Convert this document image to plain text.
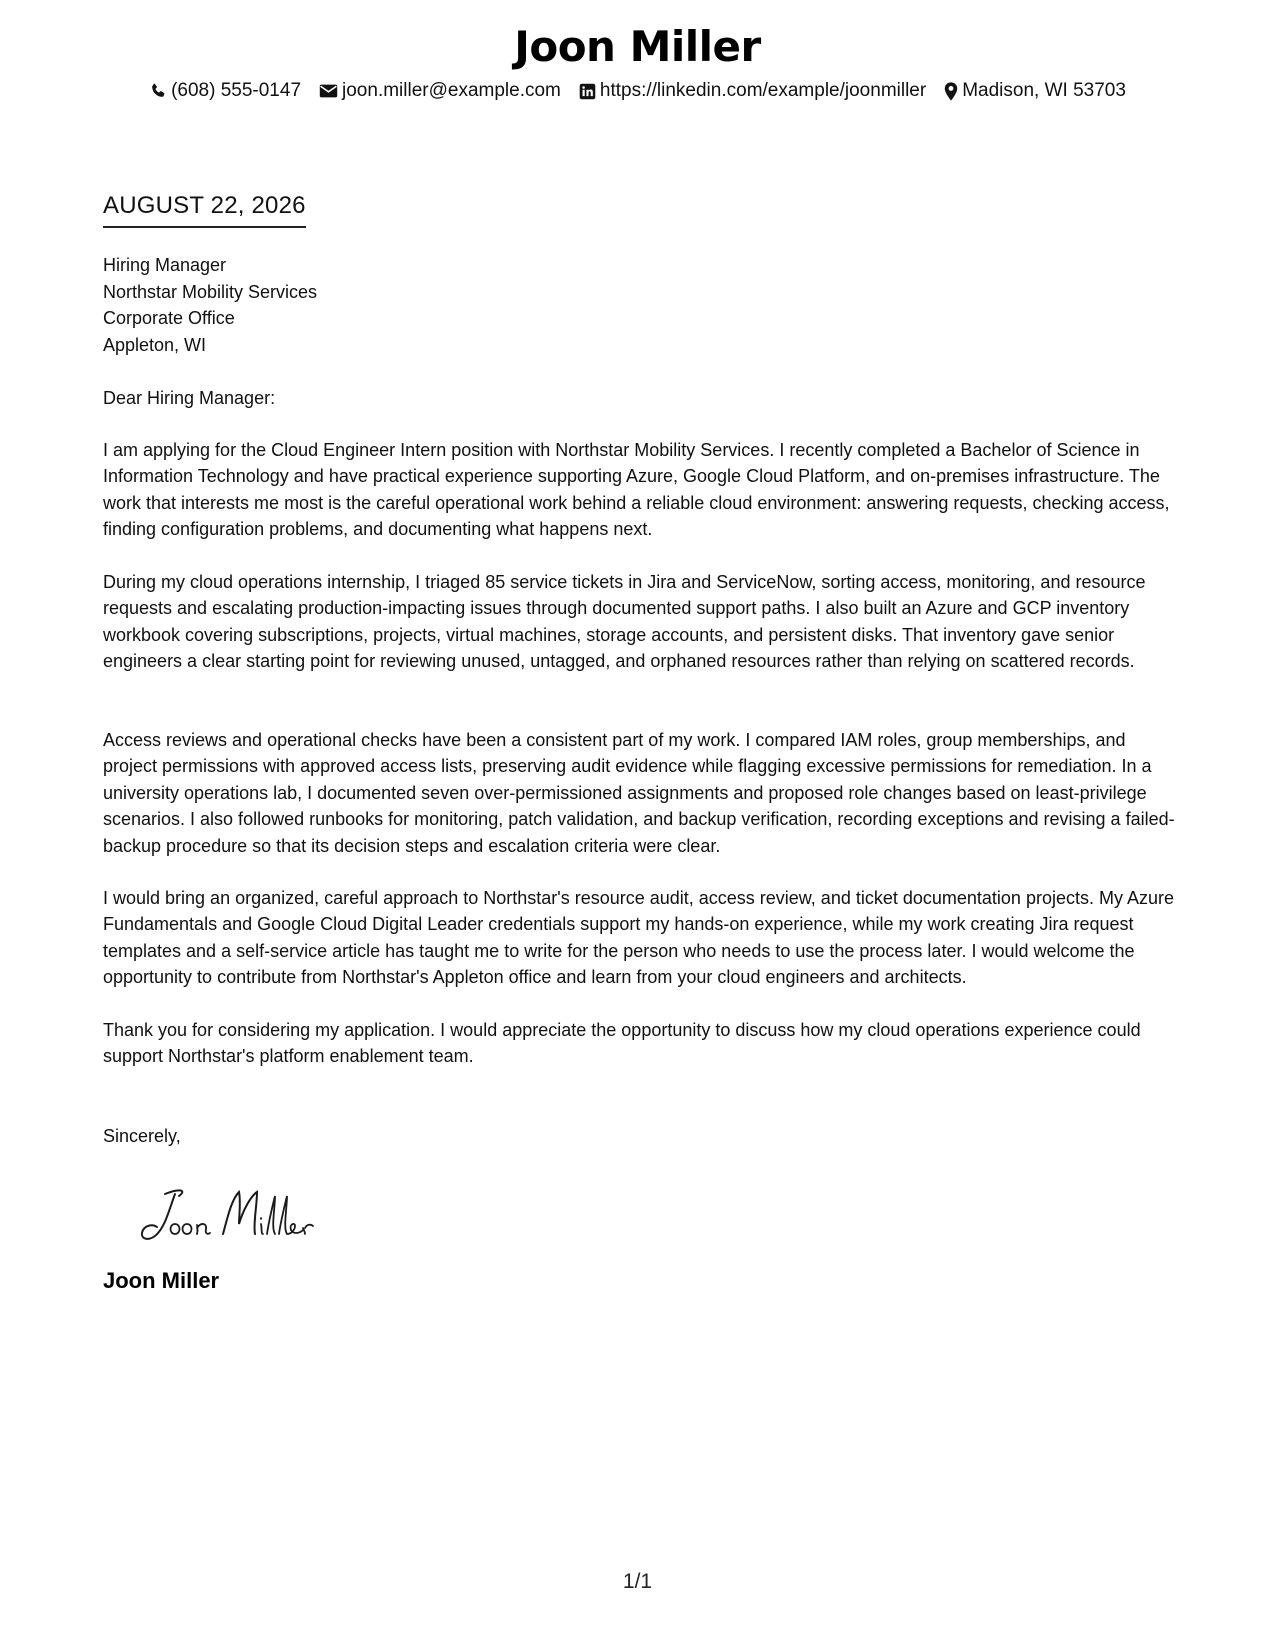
Joon Miller
(608) 555-0147 joon.miller@example.com https://linkedin.com/example/joonmiller Madison, WI 53703
AUGUST 22, 2026
Hiring Manager
Northstar Mobility Services
Corporate Office
Appleton, WI
Dear Hiring Manager:

I am applying for the Cloud Engineer Intern position with Northstar Mobility Services. I recently completed a Bachelor of Science in Information Technology and have practical experience supporting Azure, Google Cloud Platform, and on-premises infrastructure. The work that interests me most is the careful operational work behind a reliable cloud environment: answering requests, checking access, finding configuration problems, and documenting what happens next.

During my cloud operations internship, I triaged 85 service tickets in Jira and ServiceNow, sorting access, monitoring, and resource requests and escalating production-impacting issues through documented support paths. I also built an Azure and GCP inventory workbook covering subscriptions, projects, virtual machines, storage accounts, and persistent disks. That inventory gave senior engineers a clear starting point for reviewing unused, untagged, and orphaned resources rather than relying on scattered records.

Access reviews and operational checks have been a consistent part of my work. I compared IAM roles, group memberships, and project permissions with approved access lists, preserving audit evidence while flagging excessive permissions for remediation. In a university operations lab, I documented seven over-permissioned assignments and proposed role changes based on least-privilege scenarios. I also followed runbooks for monitoring, patch validation, and backup verification, recording exceptions and revising a failed-backup procedure so that its decision steps and escalation criteria were clear.

I would bring an organized, careful approach to Northstar's resource audit, access review, and ticket documentation projects. My Azure Fundamentals and Google Cloud Digital Leader credentials support my hands-on experience, while my work creating Jira request templates and a self-service article has taught me to write for the person who needs to use the process later. I would welcome the opportunity to contribute from Northstar's Appleton office and learn from your cloud engineers and architects.

Thank you for considering my application. I would appreciate the opportunity to discuss how my cloud operations experience could support Northstar's platform enablement team.

Sincerely,
Joon Miller
1/1
